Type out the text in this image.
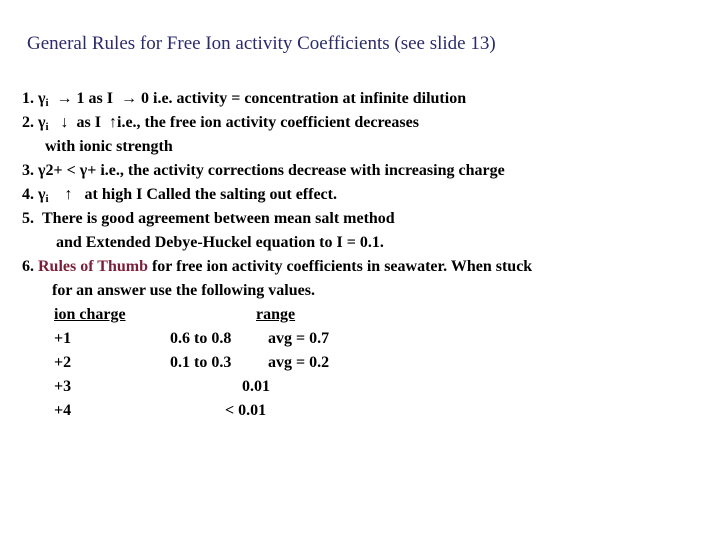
General Rules for Free Ion activity Coefficients (see slide 13)
1. $\gamma_i \to 1$ as I → 0 i.e. activity = concentration at infinite dilution
2. $\gamma_i$ ↓ as I ↑i.e., the free ion activity coefficient decreases
with ionic strength
3. γ2+ < γ+ i.e., the activity corrections decrease with increasing charge
4. $\gamma_i$ ↑ at high I Called the salting out effect.
5. There is good agreement between mean salt method
and Extended Debye-Huckel equation to I = 0.1.
6. Rules of Thumb for free ion activity coefficients in seawater. When stuck
for an answer use the following values.
ion charge	range
+1	0.6 to 0.8 avg = 0.7
+2	0.1 to 0.3 avg = 0.2
+3	0.01
+4	< 0.01
